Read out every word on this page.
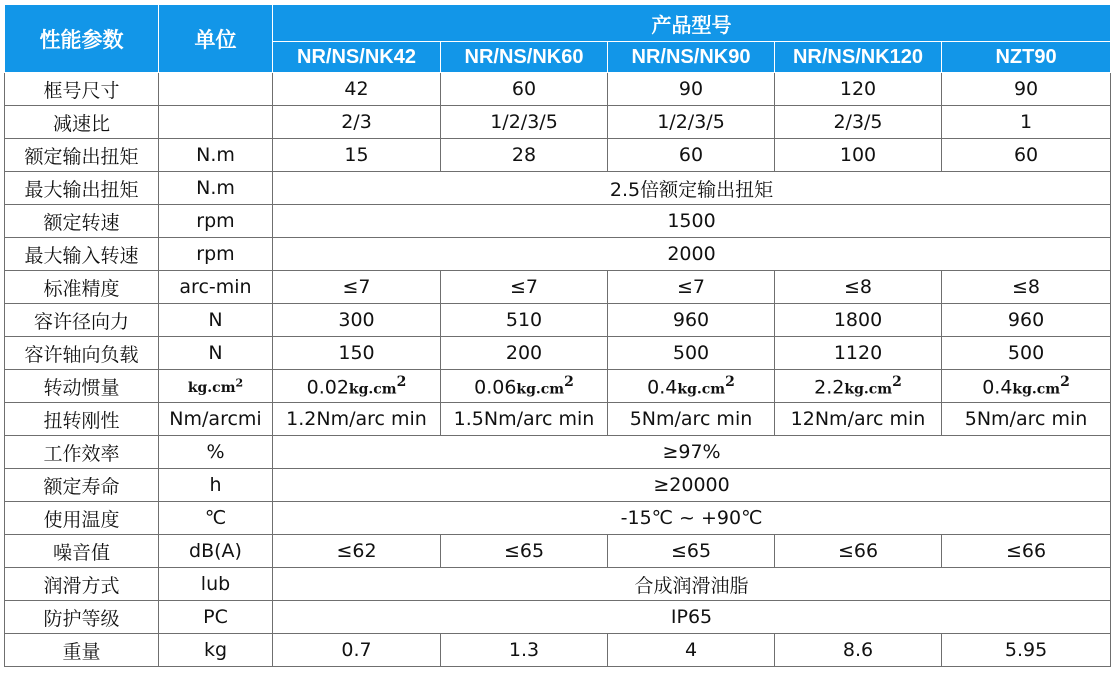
性能参数	单位	产品型号				
		NR/NS/NK42	NR/NS/NK60	NR/NS/NK90	NR/NS/NK120	NZT90
框号尺寸		42	60	90	120	90
减速比		2/3	1/2/3/5	1/2/3/5	2/3/5	1
额定输出扭矩	N.m	15	28	60	100	60
最大输出扭矩	N.m	2.5倍额定输出扭矩				
额定转速	rpm	1500				
最大输入转速	rpm	2000				
标准精度	arc-min	≤7	≤7	≤7	≤8	≤8
容许径向力	N	300	510	960	1800	960
容许轴向负载	N	150	200	500	1120	500
转动惯量	$kg.cm^2$	$0.02kg.cm^2$	$0.06kg.cm^2$	$0.4kg.cm^2$	$2.2kg.cm^2$	$0.4kg.cm^2$
扭转刚性	Nm/arcmi	1.2Nm/arc min	1.5Nm/arc min	5Nm/arc min	12Nm/arc min	5Nm/arc min
工作效率	%	≥97%				
额定寿命	h	≥20000				
使用温度	℃	-15℃ ~ +90℃				
噪音值	dB(A)	≤62	≤65	≤65	≤66	≤66
润滑方式	lub	合成润滑油脂				
防护等级	PC	IP65				
重量	kg	0.7	1.3	4	8.6	5.95
